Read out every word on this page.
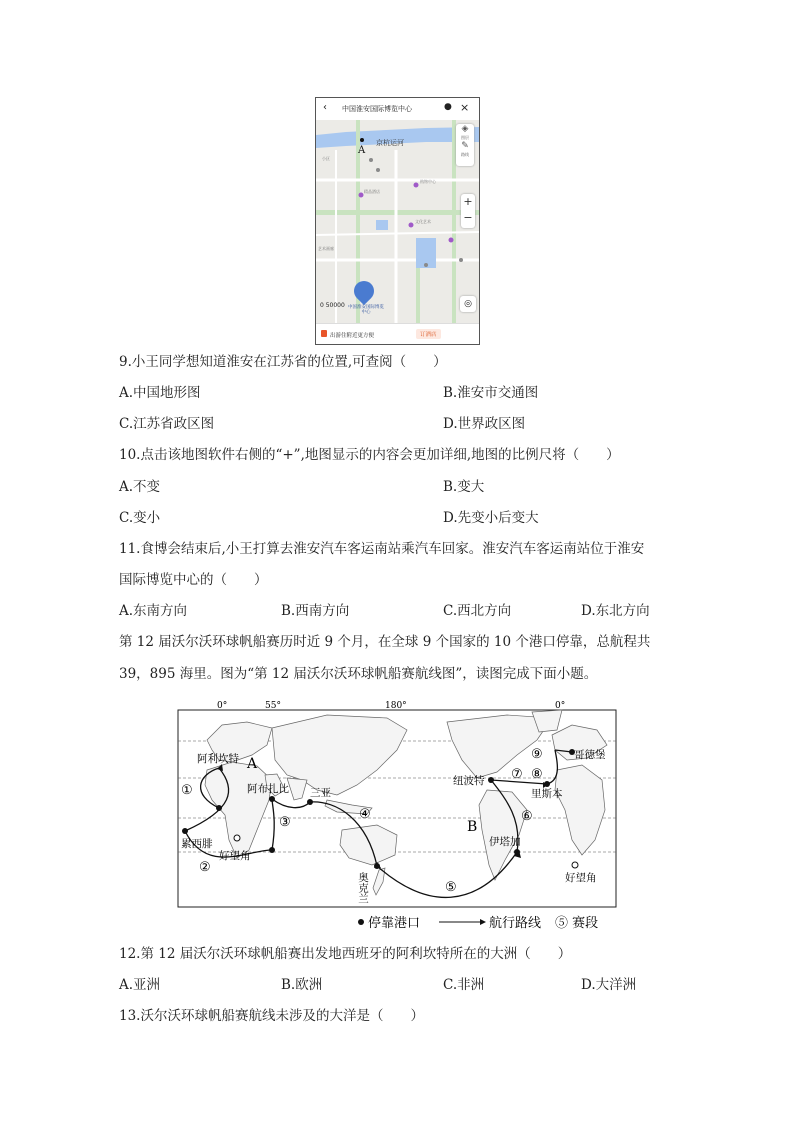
‹ 中国淮安国际博览中心	● ×
精品酒店
购物中心
文化艺术
艺术画廊
小区
京杭运河
A
中国淮安国际博览中心
0 50000
◈
图层
✎
路线
+
−
◎
出游住附近更方便	订酒店
9.小王同学想知道淮安在江苏省的位置,可查阅（　　）
A.中国地形图	B.淮安市交通图
C.江苏省政区图	D.世界政区图
10.点击该地图软件右侧的“+”,地图显示的内容会更加详细,地图的比例尺将（　　）
A.不变	B.变大
C.变小	D.先变小后变大
11.食博会结束后,小王打算去淮安汽车客运南站乘汽车回家。淮安汽车客运南站位于淮安
国际博览中心的（　　）
A.东南方向	B.西南方向	C.西北方向	D.东北方向
第 12 届沃尔沃环球帆船赛历时近 9 个月，在全球 9 个国家的 10 个港口停靠，总航程共
39，895 海里。图为“第 12 届沃尔沃环球帆船赛航线图”，读图完成下面小题。
0°	55°	180°	0°
A
B
阿利坎特
阿布扎比 三亚
累西腓
好望角
纽波特
里斯本
哥德堡
伊塔加
好望角
奥克兰
①
②
③
④
⑤
⑥
⑦ ⑧
⑨
停靠港口	航行路线 ⑤ 赛段
12.第 12 届沃尔沃环球帆船赛出发地西班牙的阿利坎特所在的大洲（　　）
A.亚洲	B.欧洲	C.非洲	D.大洋洲
13.沃尔沃环球帆船赛航线未涉及的大洋是（　　）
